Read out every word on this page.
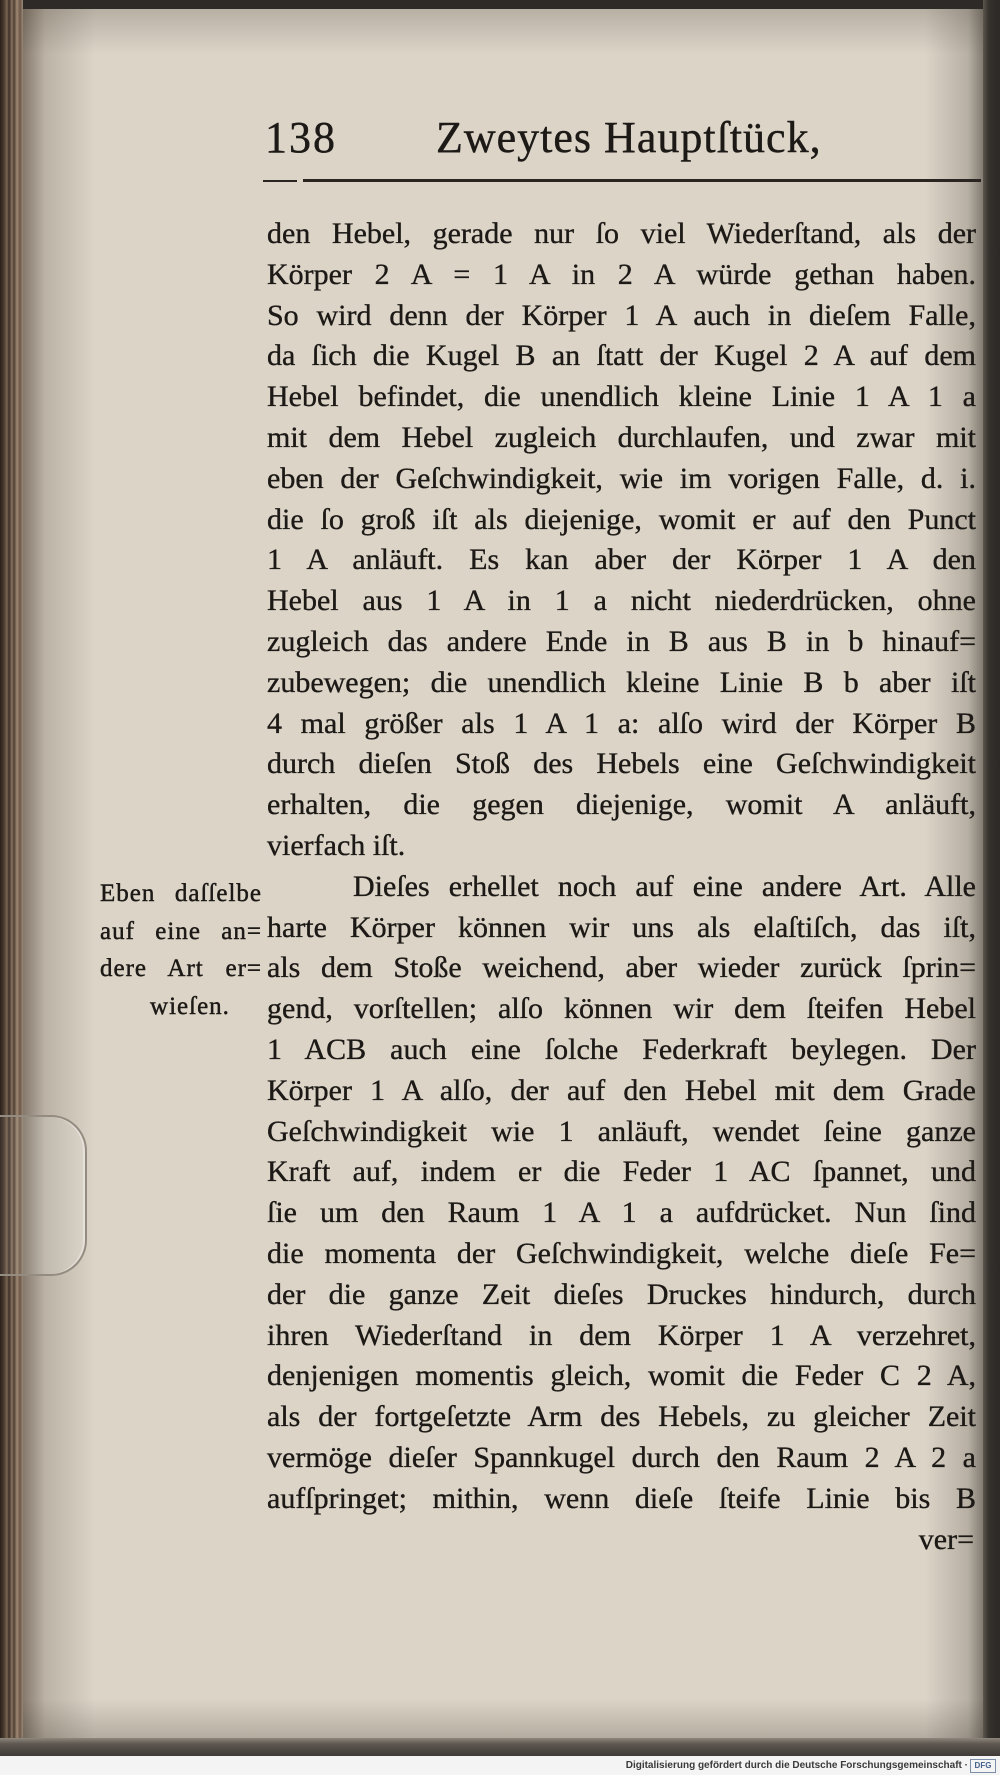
138 Zweytes Hauptſtück,
Eben daſſelbe
auf eine an=
dere Art er=
wieſen.
den Hebel, gerade nur ſo viel Wiederſtand, als der
Körper 2 A = 1 A in 2 A würde gethan haben.
So wird denn der Körper 1 A auch in dieſem Falle,
da ſich die Kugel B an ſtatt der Kugel 2 A auf dem
Hebel befindet, die unendlich kleine Linie 1 A 1 a
mit dem Hebel zugleich durchlaufen, und zwar mit
eben der Geſchwindigkeit, wie im vorigen Falle, d. i.
die ſo groß iſt als diejenige, womit er auf den Punct
1 A anläuft. Es kan aber der Körper 1 A den
Hebel aus 1 A in 1 a nicht niederdrücken, ohne
zugleich das andere Ende in B aus B in b hinauf=
zubewegen; die unendlich kleine Linie B b aber iſt
4 mal größer als 1 A 1 a: alſo wird der Körper B
durch dieſen Stoß des Hebels eine Geſchwindigkeit
erhalten, die gegen diejenige, womit A anläuft,
vierfach iſt.
Dieſes erhellet noch auf eine andere Art. Alle
harte Körper können wir uns als elaſtiſch, das iſt,
als dem Stoße weichend, aber wieder zurück ſprin=
gend, vorſtellen; alſo können wir dem ſteifen Hebel
1 ACB auch eine ſolche Federkraft beylegen. Der
Körper 1 A alſo, der auf den Hebel mit dem Grade
Geſchwindigkeit wie 1 anläuft, wendet ſeine ganze
Kraft auf, indem er die Feder 1 AC ſpannet, und
ſie um den Raum 1 A 1 a aufdrücket. Nun ſind
die momenta der Geſchwindigkeit, welche dieſe Fe=
der die ganze Zeit dieſes Druckes hindurch, durch
ihren Wiederſtand in dem Körper 1 A verzehret,
denjenigen momentis gleich, womit die Feder C 2 A,
als der fortgeſetzte Arm des Hebels, zu gleicher Zeit
vermöge dieſer Spannkugel durch den Raum 2 A 2 a
aufſpringet; mithin, wenn dieſe ſteife Linie bis B
ver=
Digitalisierung gefördert durch die Deutsche Forschungsgemeinschaft · DFG
